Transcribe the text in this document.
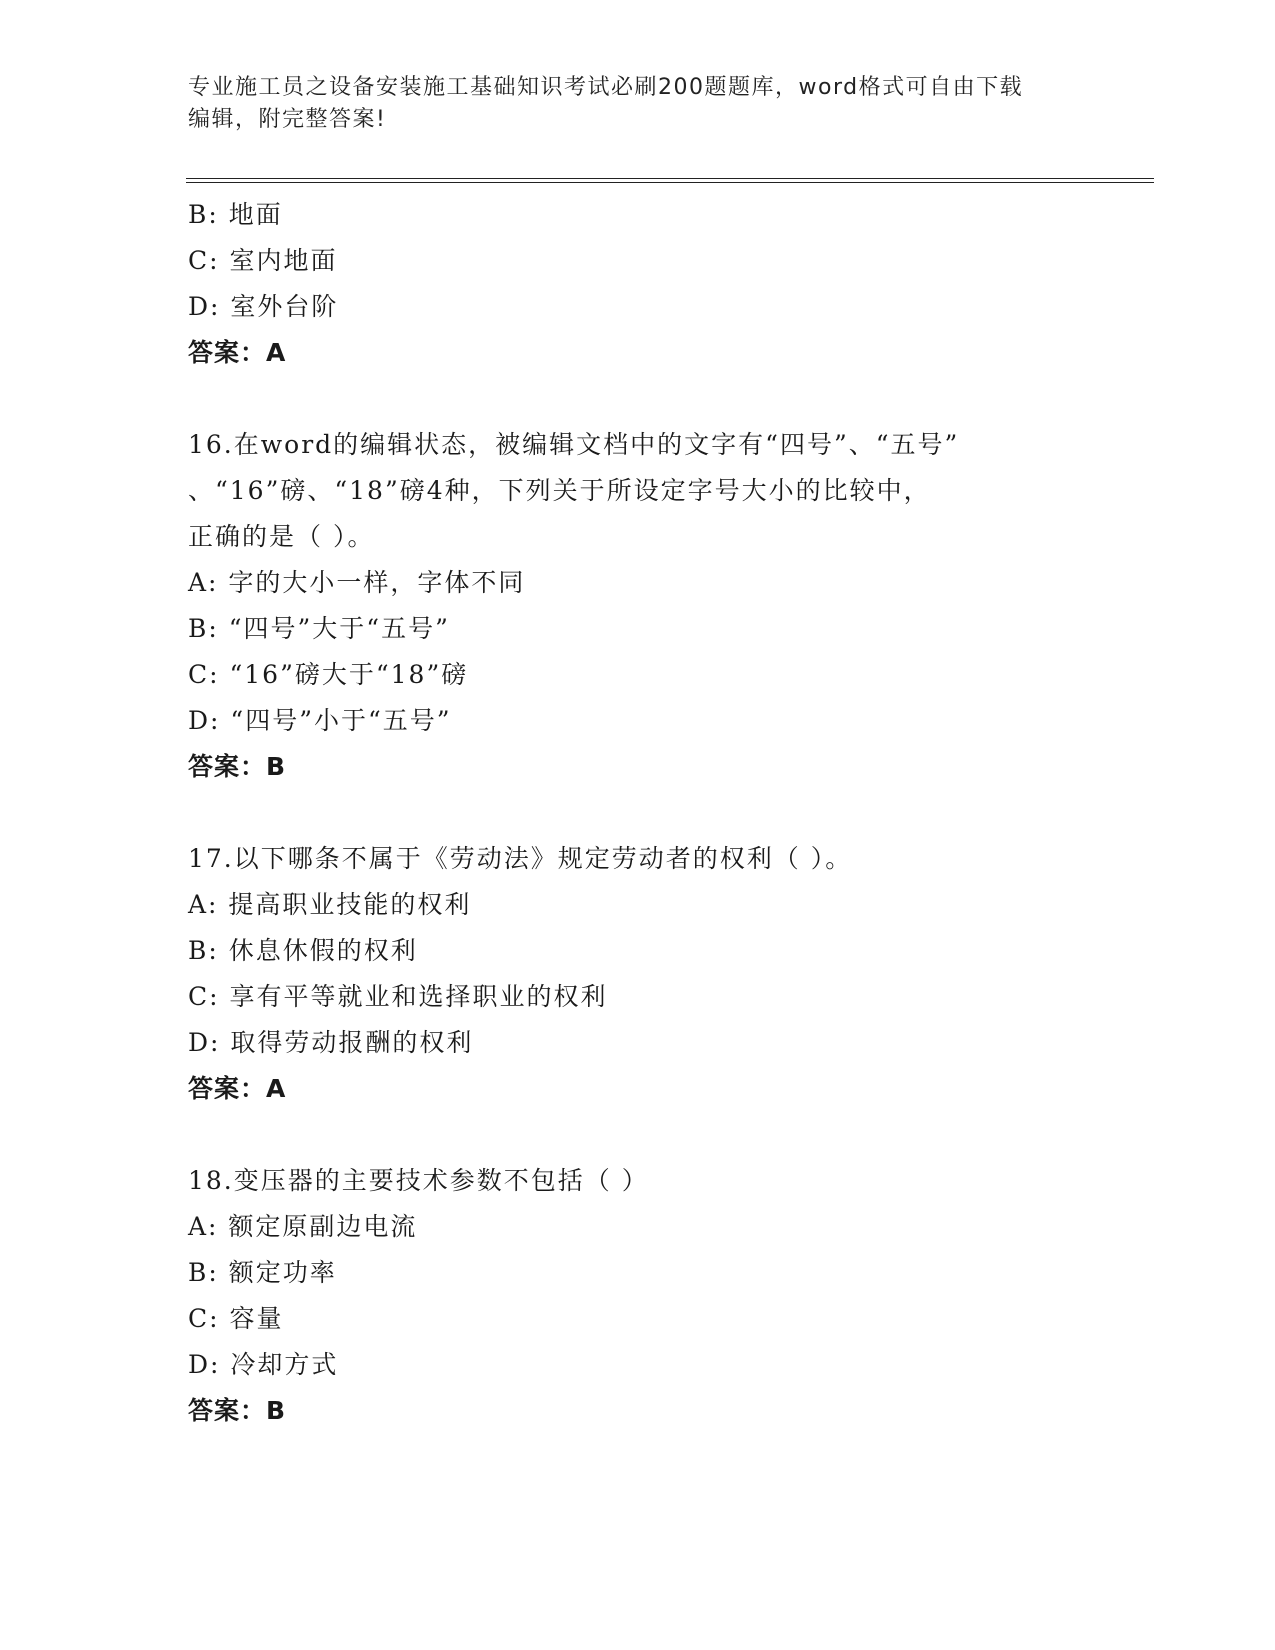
专业施工员之设备安装施工基础知识考试必刷200题题库，word格式可自由下载
编辑，附完整答案!
B: 地面
C: 室内地面
D: 室外台阶
答案：A
16.在word的编辑状态，被编辑文档中的文字有“四号”、“五号”
、“16”磅、“18”磅4种，下列关于所设定字号大小的比较中，
正确的是（ ）。
A: 字的大小一样，字体不同
B: “四号”大于“五号”
C: “16”磅大于“18”磅
D: “四号”小于“五号”
答案：B
17.以下哪条不属于《劳动法》规定劳动者的权利（ ）。
A: 提高职业技能的权利
B: 休息休假的权利
C: 享有平等就业和选择职业的权利
D: 取得劳动报酬的权利
答案：A
18.变压器的主要技术参数不包括（ ）
A: 额定原副边电流
B: 额定功率
C: 容量
D: 冷却方式
答案：B
